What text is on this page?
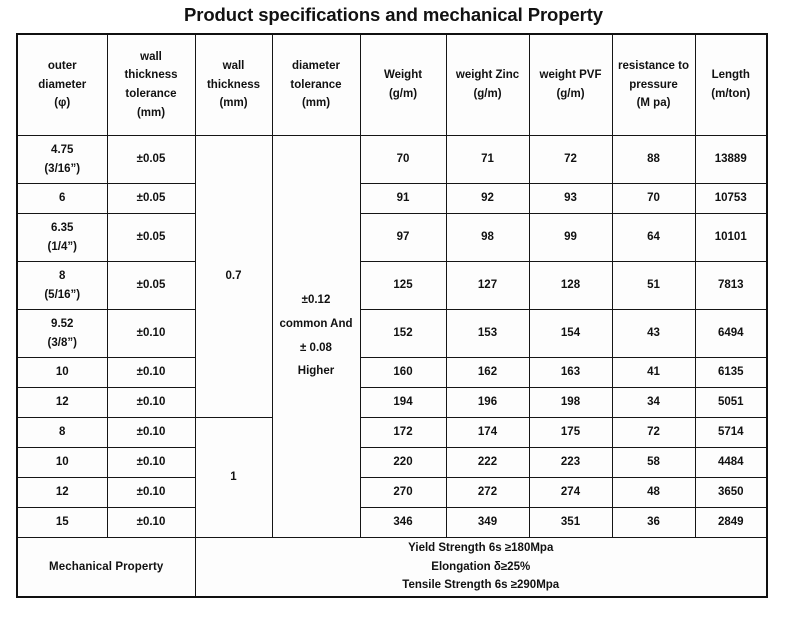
Product specifications and mechanical Property
outer
diameter
(φ)	wall
thickness
tolerance
(mm)	wall
thickness
(mm)	diameter
tolerance
(mm)	Weight
(g/m)	weight Zinc
(g/m)	weight PVF
(g/m)	resistance to
pressure
(M pa)	Length
(m/ton)

4.75
(3/16”)	±0.05	0.7	±0.12
common And
± 0.08
Higher	70	71	72	88	13889

6	±0.05			91	92	93	70	10753

6.35
(1/4”)	±0.05			97	98	99	64	10101

8
(5/16”)	±0.05			125	127	128	51	7813

9.52
(3/8”)	±0.10			152	153	154	43	6494

10	±0.10			160	162	163	41	6135

12	±0.10			194	196	198	34	5051

8	±0.10	1		172	174	175	72	5714

10	±0.10			220	222	223	58	4484

12	±0.10			270	272	274	48	3650

15	±0.10			346	349	351	36	2849
Mechanical Property		Yield Strength 6s ≥180Mpa
Elongation δ≥25%
Tensile Strength 6s ≥290Mpa						
